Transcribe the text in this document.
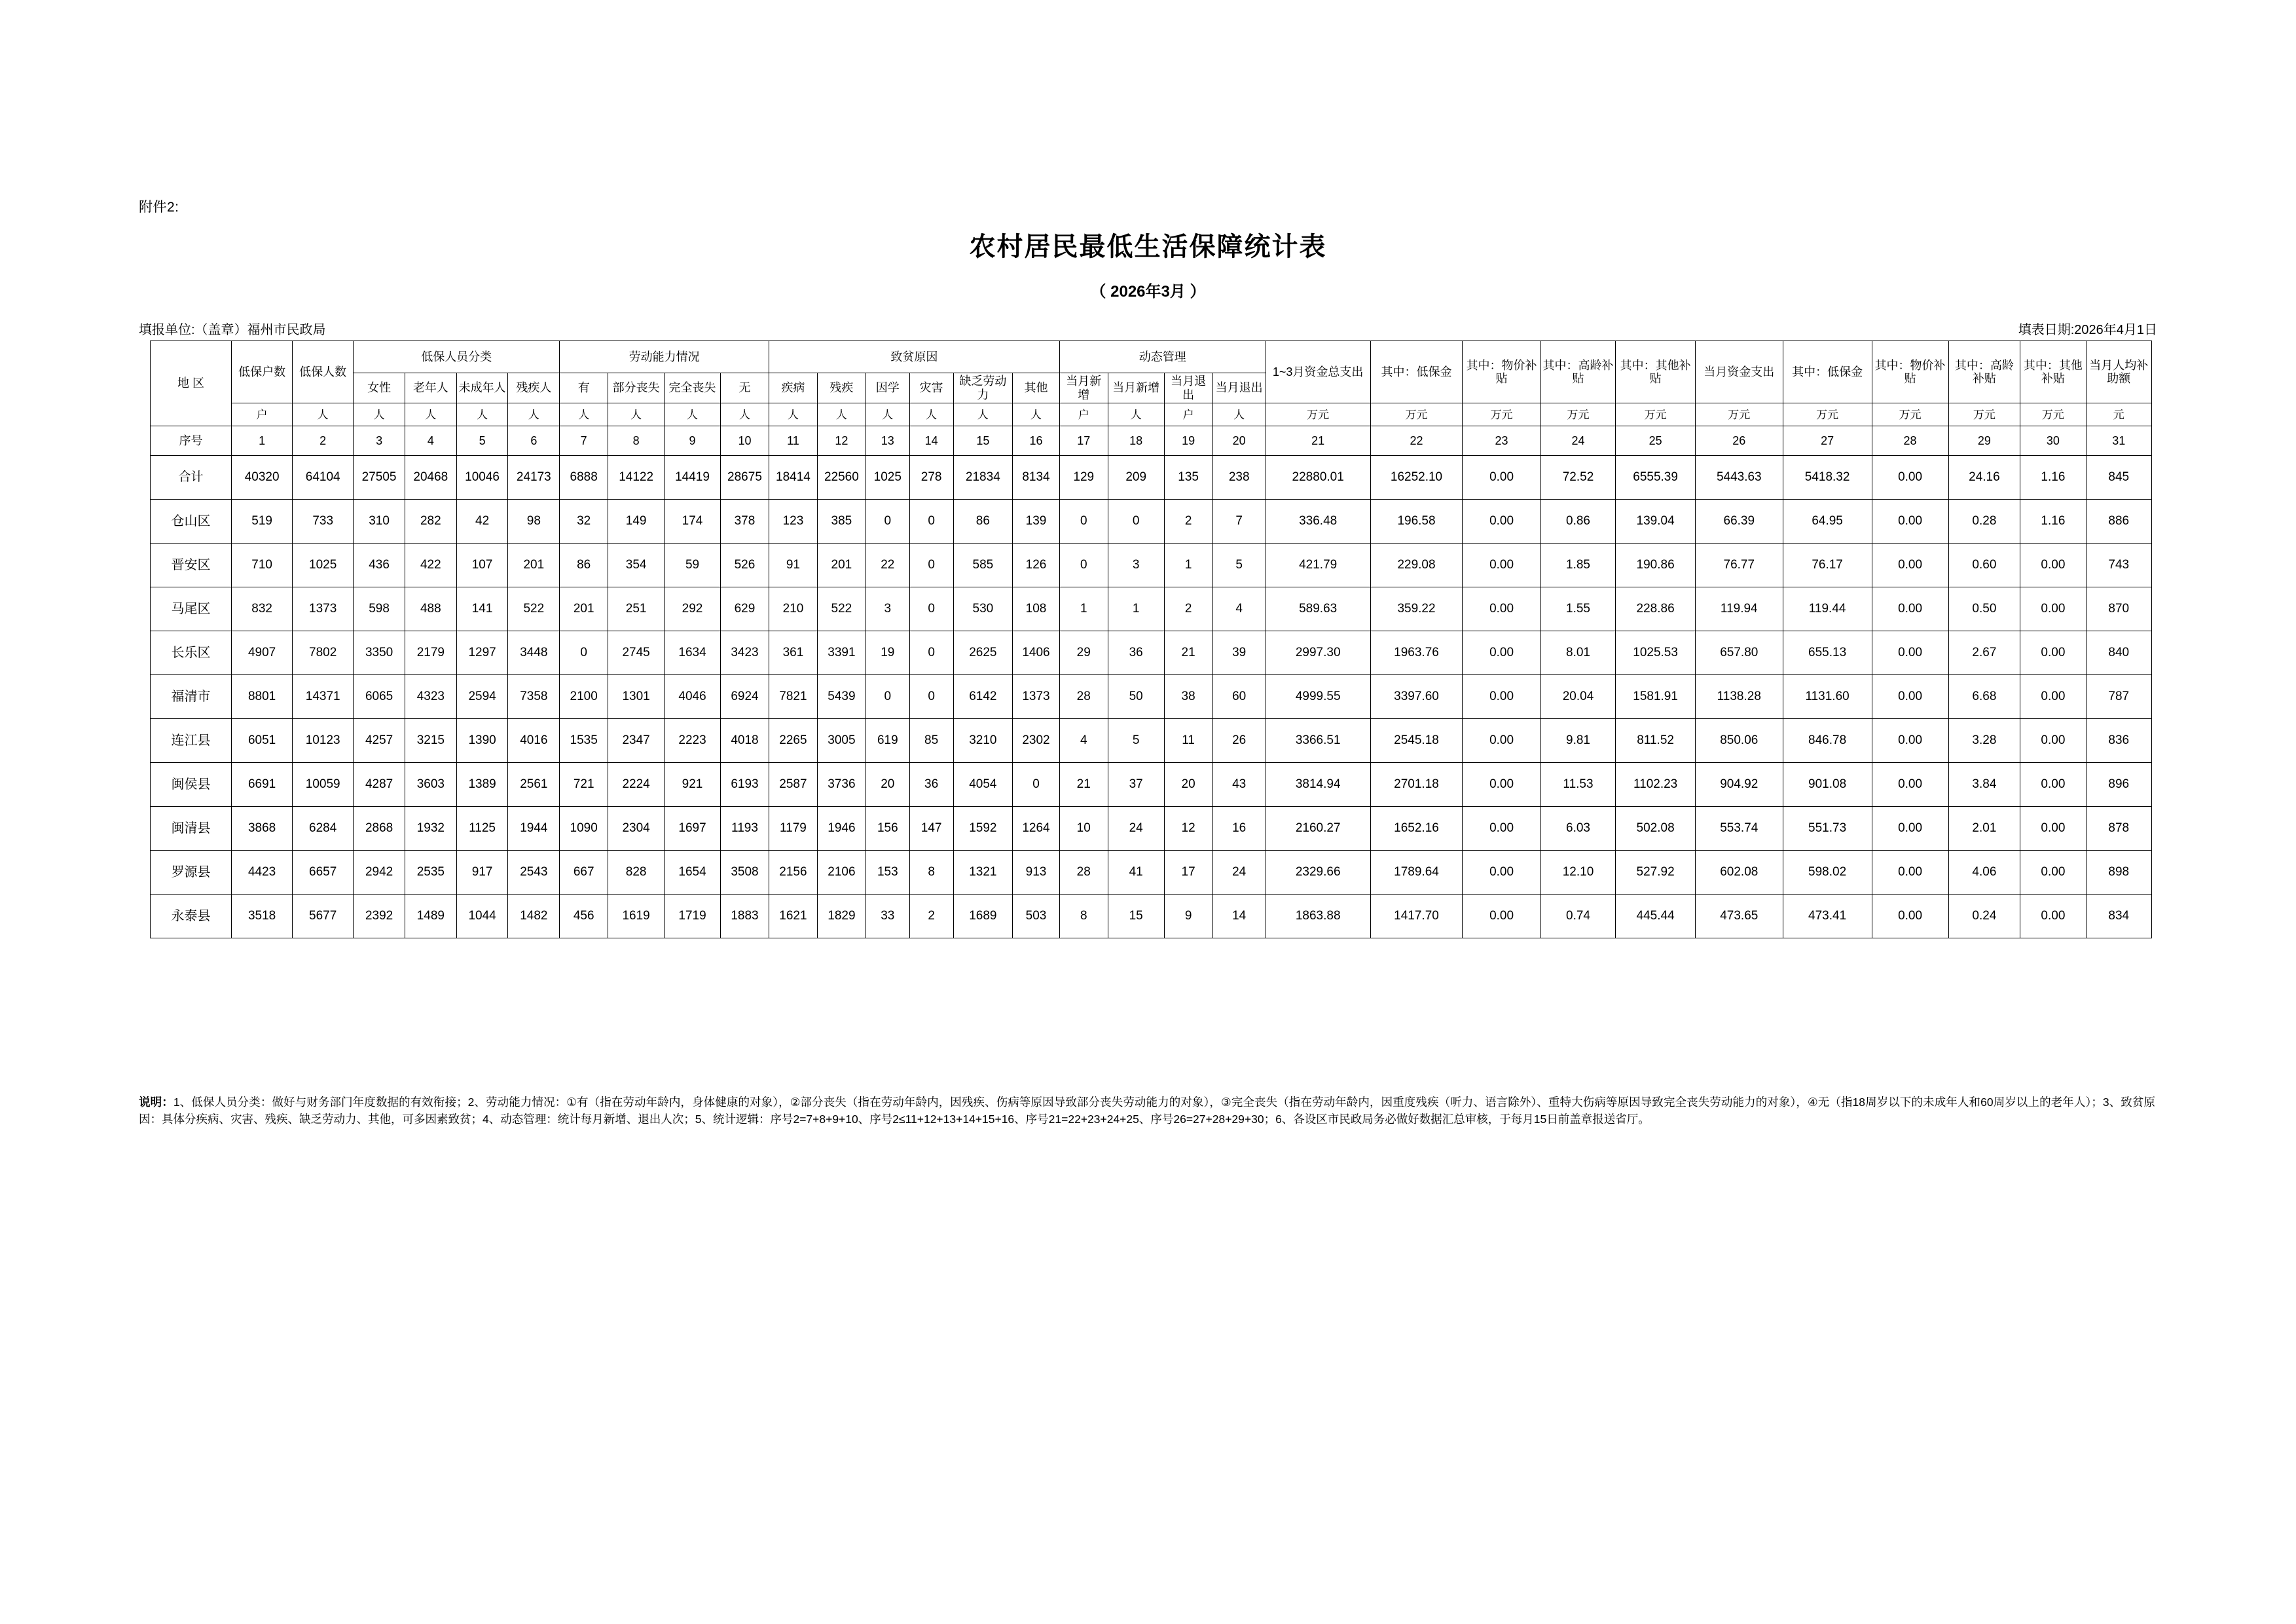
附件2:
农村居民最低生活保障统计表
（ 2026年3月 ）
填报单位:（盖章）福州市民政局	填表日期:2026年4月1日
地 区	低保户数	低保人数	低保人员分类				劳动能力情况				致贫原因						动态管理				1~3月资金总支出	其中：低保金	其中：物价补贴	其中：高龄补贴	其中：其他补贴	当月资金支出	其中：低保金	其中：物价补贴	其中：高龄补贴	其中：其他补贴	当月人均补助额
			女性	老年人	未成年人	残疾人	有	部分丧失	完全丧失	无	疾病	残疾	因学	灾害	缺乏劳动力	其他	当月新增	当月新增	当月退出	当月退出											
	户	人	人	人	人	人	人	人	人	人	人	人	人	人	人	人	户	人	户	人	万元	万元	万元	万元	万元	万元	万元	万元	万元	万元	元
序号	1	2	3	4	5	6	7	8	9	10	11	12	13	14	15	16	17	18	19	20	21	22	23	24	25	26	27	28	29	30	31
合计	40320	64104	27505	20468	10046	24173	6888	14122	14419	28675	18414	22560	1025	278	21834	8134	129	209	135	238	22880.01	16252.10	0.00	72.52	6555.39	5443.63	5418.32	0.00	24.16	1.16	845
仓山区	519	733	310	282	42	98	32	149	174	378	123	385	0	0	86	139	0	0	2	7	336.48	196.58	0.00	0.86	139.04	66.39	64.95	0.00	0.28	1.16	886
晋安区	710	1025	436	422	107	201	86	354	59	526	91	201	22	0	585	126	0	3	1	5	421.79	229.08	0.00	1.85	190.86	76.77	76.17	0.00	0.60	0.00	743
马尾区	832	1373	598	488	141	522	201	251	292	629	210	522	3	0	530	108	1	1	2	4	589.63	359.22	0.00	1.55	228.86	119.94	119.44	0.00	0.50	0.00	870
长乐区	4907	7802	3350	2179	1297	3448	0	2745	1634	3423	361	3391	19	0	2625	1406	29	36	21	39	2997.30	1963.76	0.00	8.01	1025.53	657.80	655.13	0.00	2.67	0.00	840
福清市	8801	14371	6065	4323	2594	7358	2100	1301	4046	6924	7821	5439	0	0	6142	1373	28	50	38	60	4999.55	3397.60	0.00	20.04	1581.91	1138.28	1131.60	0.00	6.68	0.00	787
连江县	6051	10123	4257	3215	1390	4016	1535	2347	2223	4018	2265	3005	619	85	3210	2302	4	5	11	26	3366.51	2545.18	0.00	9.81	811.52	850.06	846.78	0.00	3.28	0.00	836
闽侯县	6691	10059	4287	3603	1389	2561	721	2224	921	6193	2587	3736	20	36	4054	0	21	37	20	43	3814.94	2701.18	0.00	11.53	1102.23	904.92	901.08	0.00	3.84	0.00	896
闽清县	3868	6284	2868	1932	1125	1944	1090	2304	1697	1193	1179	1946	156	147	1592	1264	10	24	12	16	2160.27	1652.16	0.00	6.03	502.08	553.74	551.73	0.00	2.01	0.00	878
罗源县	4423	6657	2942	2535	917	2543	667	828	1654	3508	2156	2106	153	8	1321	913	28	41	17	24	2329.66	1789.64	0.00	12.10	527.92	602.08	598.02	0.00	4.06	0.00	898
永泰县	3518	5677	2392	1489	1044	1482	456	1619	1719	1883	1621	1829	33	2	1689	503	8	15	9	14	1863.88	1417.70	0.00	0.74	445.44	473.65	473.41	0.00	0.24	0.00	834
说明：1、低保人员分类：做好与财务部门年度数据的有效衔接；2、劳动能力情况：①有（指在劳动年龄内，身体健康的对象），②部分丧失（指在劳动年龄内，因残疾、伤病等原因导致部分丧失劳动能力的对象），③完全丧失（指在劳动年龄内，因重度残疾（听力、语言除外）、重特大伤病等原因导致完全丧失劳动能力的对象），④无（指18周岁以下的未成年人和60周岁以上的老年人）；3、致贫原因：具体分疾病、灾害、残疾、缺乏劳动力、其他，可多因素致贫；4、动态管理：统计每月新增、退出人次；5、统计逻辑：序号2=7+8+9+10、序号2≤11+12+13+14+15+16、序号21=22+23+24+25、序号26=27+28+29+30；6、各设区市民政局务必做好数据汇总审核，于每月15日前盖章报送省厅。
